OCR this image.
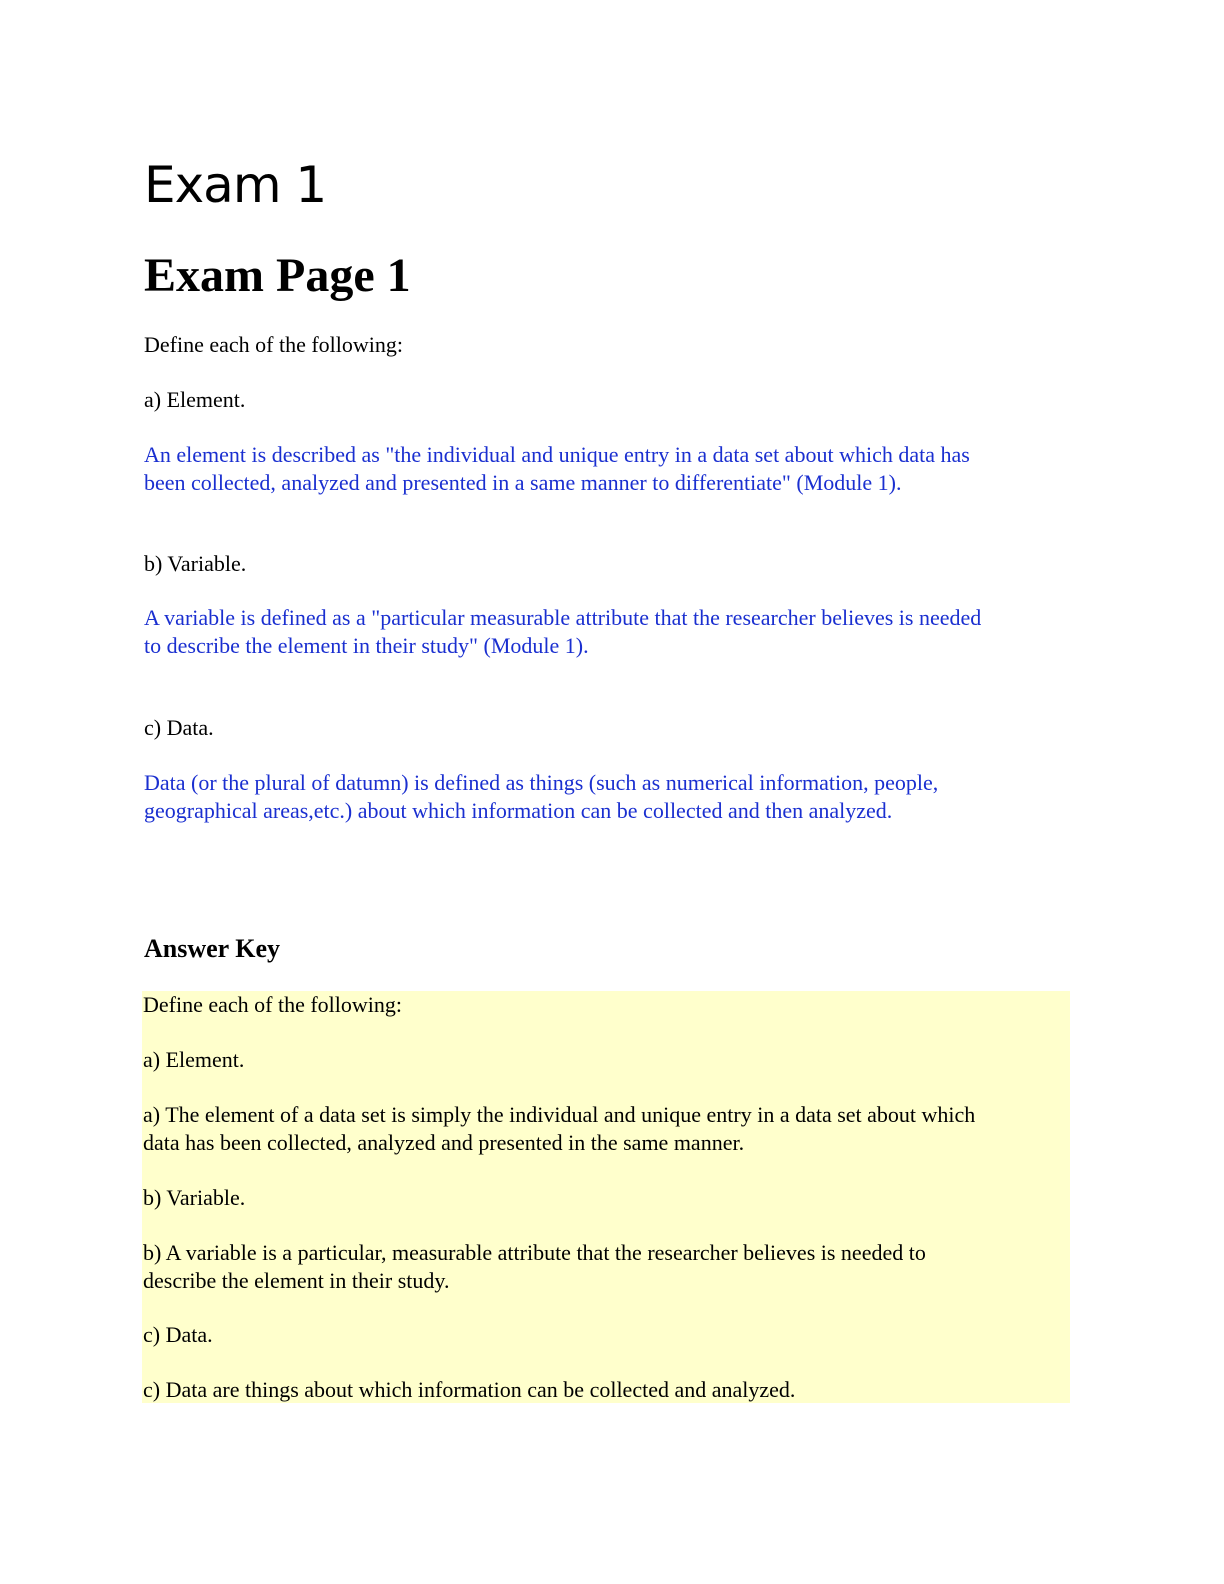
Exam 1
Exam Page 1

Define each of the following:

a) Element.

An element is described as "the individual and unique entry in a data set about which data has
been collected, analyzed and presented in a same manner to differentiate" (Module 1).

b) Variable.

A variable is defined as a "particular measurable attribute that the researcher believes is needed
to describe the element in their study" (Module 1).

c) Data.

Data (or the plural of datumn) is defined as things (such as numerical information, people,
geographical areas,etc.) about which information can be collected and then analyzed.
Answer Key

Define each of the following:

a) Element.

a) The element of a data set is simply the individual and unique entry in a data set about which
data has been collected, analyzed and presented in the same manner.

b) Variable.

b) A variable is a particular, measurable attribute that the researcher believes is needed to
describe the element in their study.

c) Data.

c) Data are things about which information can be collected and analyzed.
